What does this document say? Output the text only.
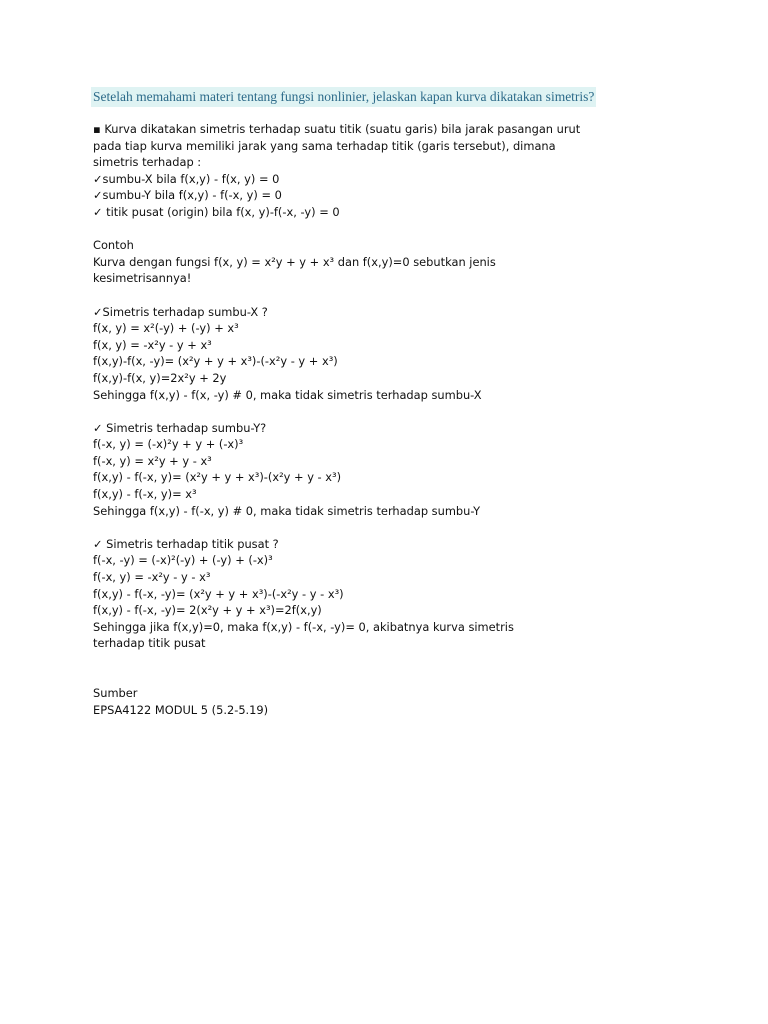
Setelah memahami materi tentang fungsi nonlinier, jelaskan kapan kurva dikatakan simetris?
▪ Kurva dikatakan simetris terhadap suatu titik (suatu garis) bila jarak pasangan urut
pada tiap kurva memiliki jarak yang sama terhadap titik (garis tersebut), dimana
simetris terhadap :
✓sumbu-X bila f(x,y) - f(x, y) = 0
✓sumbu-Y bila f(x,y) - f(-x, y) = 0
✓ titik pusat (origin) bila f(x, y)-f(-x, -y) = 0
Contoh
Kurva dengan fungsi f(x, y) = x²y + y + x³ dan f(x,y)=0 sebutkan jenis
kesimetrisannya!
✓Simetris terhadap sumbu-X ?
f(x, y) = x²(-y) + (-y) + x³
f(x, y) = -x²y - y + x³
f(x,y)-f(x, -y)= (x²y + y + x³)-(-x²y - y + x³)
f(x,y)-f(x, y)=2x²y + 2y
Sehingga f(x,y) - f(x, -y) # 0, maka tidak simetris terhadap sumbu-X
✓ Simetris terhadap sumbu-Y?
f(-x, y) = (-x)²y + y + (-x)³
f(-x, y) = x²y + y - x³
f(x,y) - f(-x, y)= (x²y + y + x³)-(x²y + y - x³)
f(x,y) - f(-x, y)= x³
Sehingga f(x,y) - f(-x, y) # 0, maka tidak simetris terhadap sumbu-Y
✓ Simetris terhadap titik pusat ?
f(-x, -y) = (-x)²(-y) + (-y) + (-x)³
f(-x, y) = -x²y - y - x³
f(x,y) - f(-x, -y)= (x²y + y + x³)-(-x²y - y - x³)
f(x,y) - f(-x, -y)= 2(x²y + y + x³)=2f(x,y)
Sehingga jika f(x,y)=0, maka f(x,y) - f(-x, -y)= 0, akibatnya kurva simetris
terhadap titik pusat
Sumber
EPSA4122 MODUL 5 (5.2-5.19)
